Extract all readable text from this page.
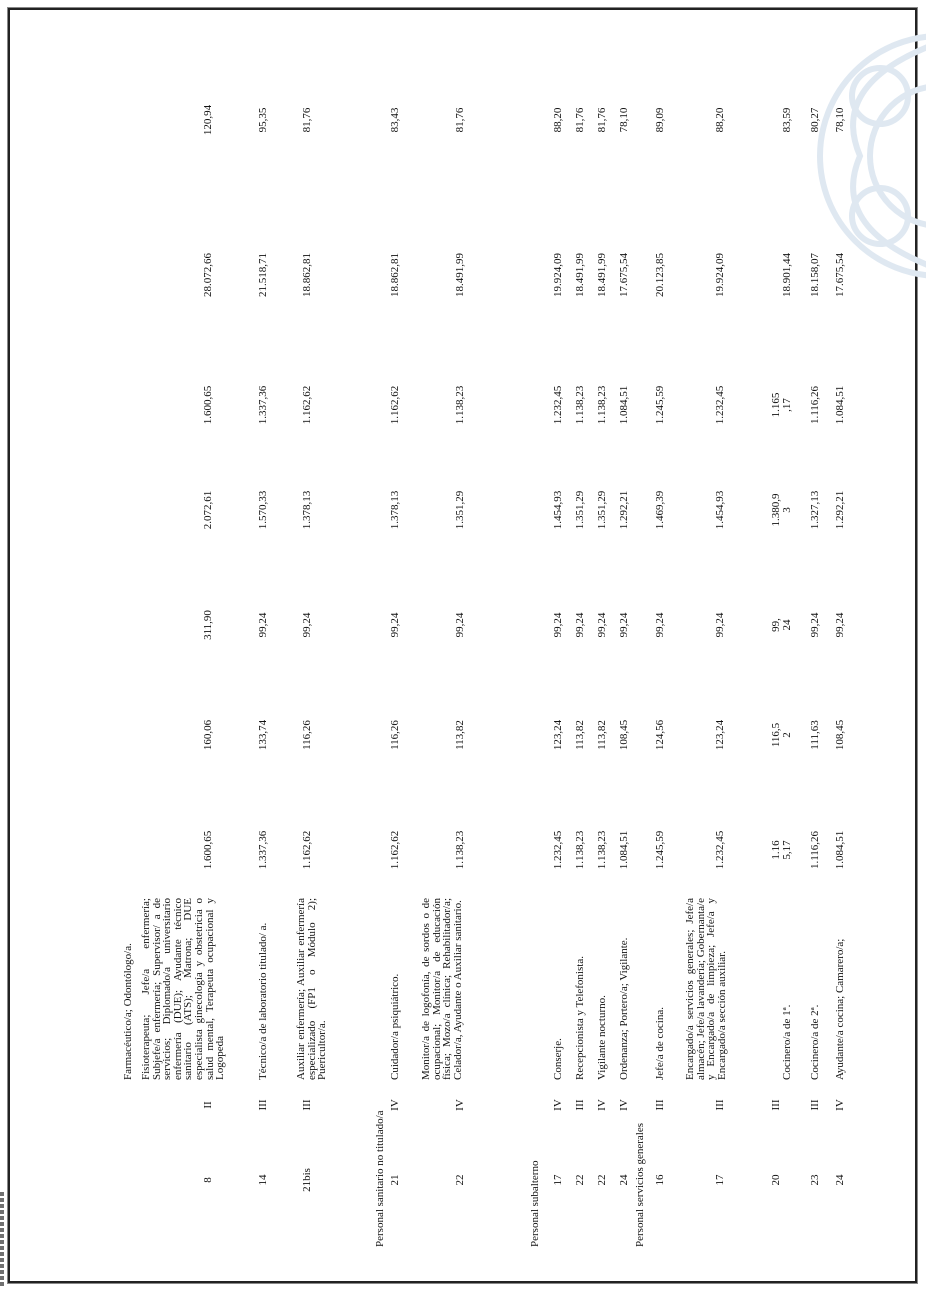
Farmacéutico/a; Odontólogo/a.
Personal sanitario no titulado/a	Personal subalterno	Personal servicios generales
8
II
Fisioterapeuta; Jefe/a enfermería; Subjefe/a enfermería; Supervisor/ a de servicios; Diplomado/a universitario enfermería (DUE); Ayudante técnico sanitario (ATS); Matrona; DUE especialista ginecología y obstetricia o salud mental, Terapeuta ocupacional y Logopeda
1.600,65
160,06
311,90
2.072,61
1.600,65
28.072,66
120,94
14
III
Técnico/a de laboratorio titulado/ a.
1.337,36
133,74
99,24
1.570,33
1.337,36
21.518,71
95,35
21bis
III
Auxiliar enfermería; Auxiliar enfermería especializado (FP1 o Módulo 2); Puericultor/a.
1.162,62
116,26
99,24
1.378,13
1.162,62
18.862,81
81,76
21
IV
Cuidador/a psiquiátrico.
1.162,62
116,26
99,24
1.378,13
1.162,62
18.862,81
83,43
22
IV
Monitor/a de logofonía, de sordos o de ocupacional; Monitor/a de educación física; Mozo/a clínica; Rehabilitador/a; Celador/a, Ayudante o Auxiliar sanitario.
1.138,23
113,82
99,24
1.351,29
1.138,23
18.491,99
81,76
17
IV
Conserje.
1.232,45
123,24
99,24
1.454,93
1.232,45
19.924,09
88,20
22
III
Recepcionista y Telefonista.
1.138,23
113,82
99,24
1.351,29
1.138,23
18.491,99
81,76
22
IV
Vigilante nocturno.
1.138,23
113,82
99,24
1.351,29
1.138,23
18.491,99
81,76
24
IV
Ordenanza; Portero/a; Vigilante.
1.084,51
108,45
99,24
1.292,21
1.084,51
17.675,54
78,10
16
III
Jefe/a de cocina.
1.245,59
124,56
99,24
1.469,39
1.245,59
20.123,85
89,09
17
III
Encargado/a servicios generales; Jefe/a almacén; Jefe/a lavandería; Gobernanta/e y Encargado/a de limpieza; Jefe/a y Encargado/a sección auxiliar.
1.232,45
123,24
99,24
1.454,93
1.232,45
19.924,09
88,20
20
III
Cocinero/a de 1ª.
1.16
5,17
116,5
2
99,
24
1.380,9
3
1.165
,17

18.901,44

83,59
23
III
Cocinero/a de 2ª.
1.116,26
111,63
99,24
1.327,13
1.116,26
18.158,07
80,27
24
IV
Ayudante/a cocina; Camarero/a;
1.084,51
108,45
99,24
1.292,21
1.084,51
17.675,54
78,10
